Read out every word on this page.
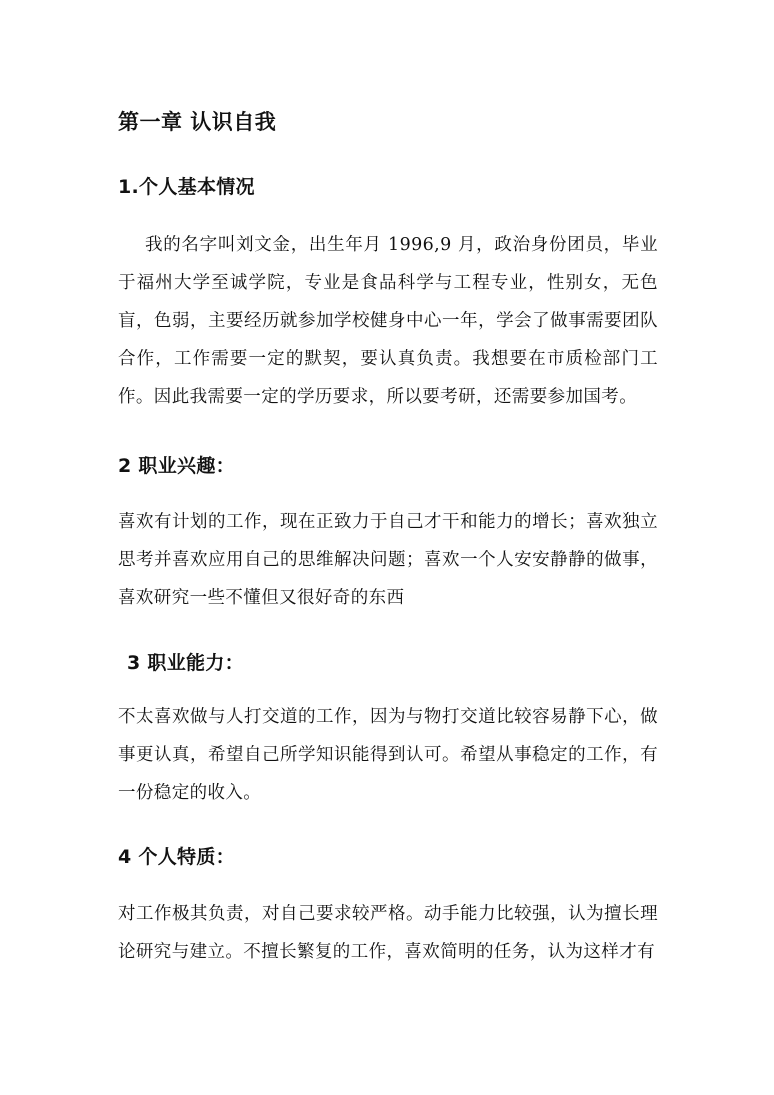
第一章 认识自我
1.个人基本情况

我的名字叫刘文金，出生年月 1996,9 月，政治身份团员，毕业于福州大学至诚学院，专业是食品科学与工程专业，性别女，无色盲，色弱，主要经历就参加学校健身中心一年，学会了做事需要团队合作，工作需要一定的默契，要认真负责。我想要在市质检部门工作。因此我需要一定的学历要求，所以要考研，还需要参加国考。

2 职业兴趣：

喜欢有计划的工作，现在正致力于自己才干和能力的增长；喜欢独立思考并喜欢应用自己的思维解决问题；喜欢一个人安安静静的做事，喜欢研究一些不懂但又很好奇的东西

3 职业能力：

不太喜欢做与人打交道的工作，因为与物打交道比较容易静下心，做事更认真，希望自己所学知识能得到认可。希望从事稳定的工作，有一份稳定的收入。

4 个人特质：

对工作极其负责，对自己要求较严格。动手能力比较强，认为擅长理论研究与建立。不擅长繁复的工作，喜欢简明的任务，认为这样才有
